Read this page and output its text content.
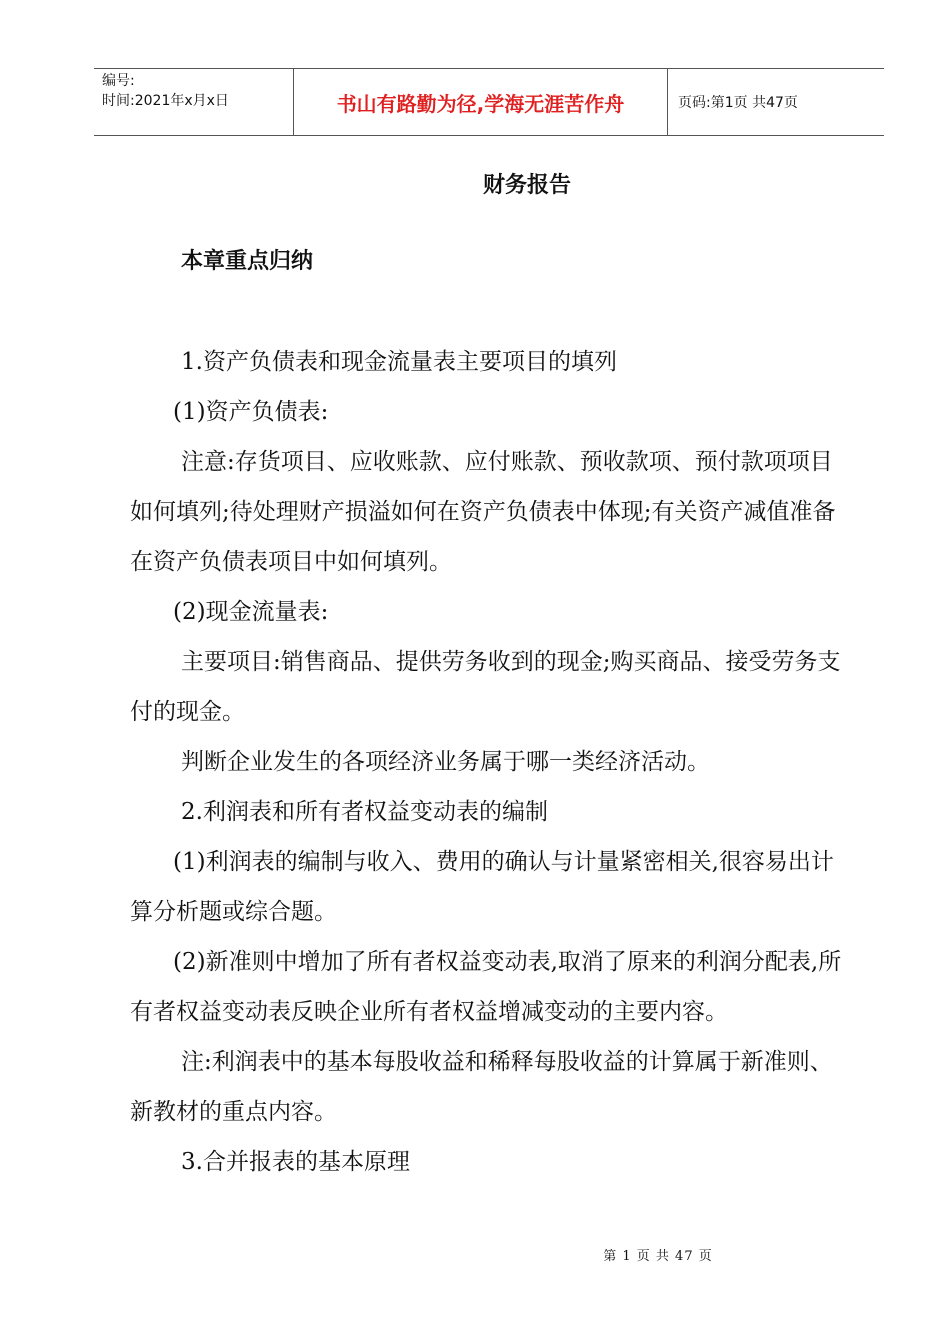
编号:
时间:2021年x月x日	书山有路勤为径,学海无涯苦作舟	页码:第1页 共47页
财务报告
本章重点归纳

1.资产负债表和现金流量表主要项目的填列

(1)资产负债表:

注意:存货项目、应收账款、应付账款、预收款项、预付款项项目如何填列;待处理财产损溢如何在资产负债表中体现;有关资产减值准备在资产负债表项目中如何填列。

(2)现金流量表:

主要项目:销售商品、提供劳务收到的现金;购买商品、接受劳务支付的现金。

判断企业发生的各项经济业务属于哪一类经济活动。

2.利润表和所有者权益变动表的编制

(1)利润表的编制与收入、费用的确认与计量紧密相关,很容易出计算分析题或综合题。

(2)新准则中增加了所有者权益变动表,取消了原来的利润分配表,所有者权益变动表反映企业所有者权益增减变动的主要内容。

注:利润表中的基本每股收益和稀释每股收益的计算属于新准则、新教材的重点内容。

3.合并报表的基本原理

第 1 页 共 47 页
